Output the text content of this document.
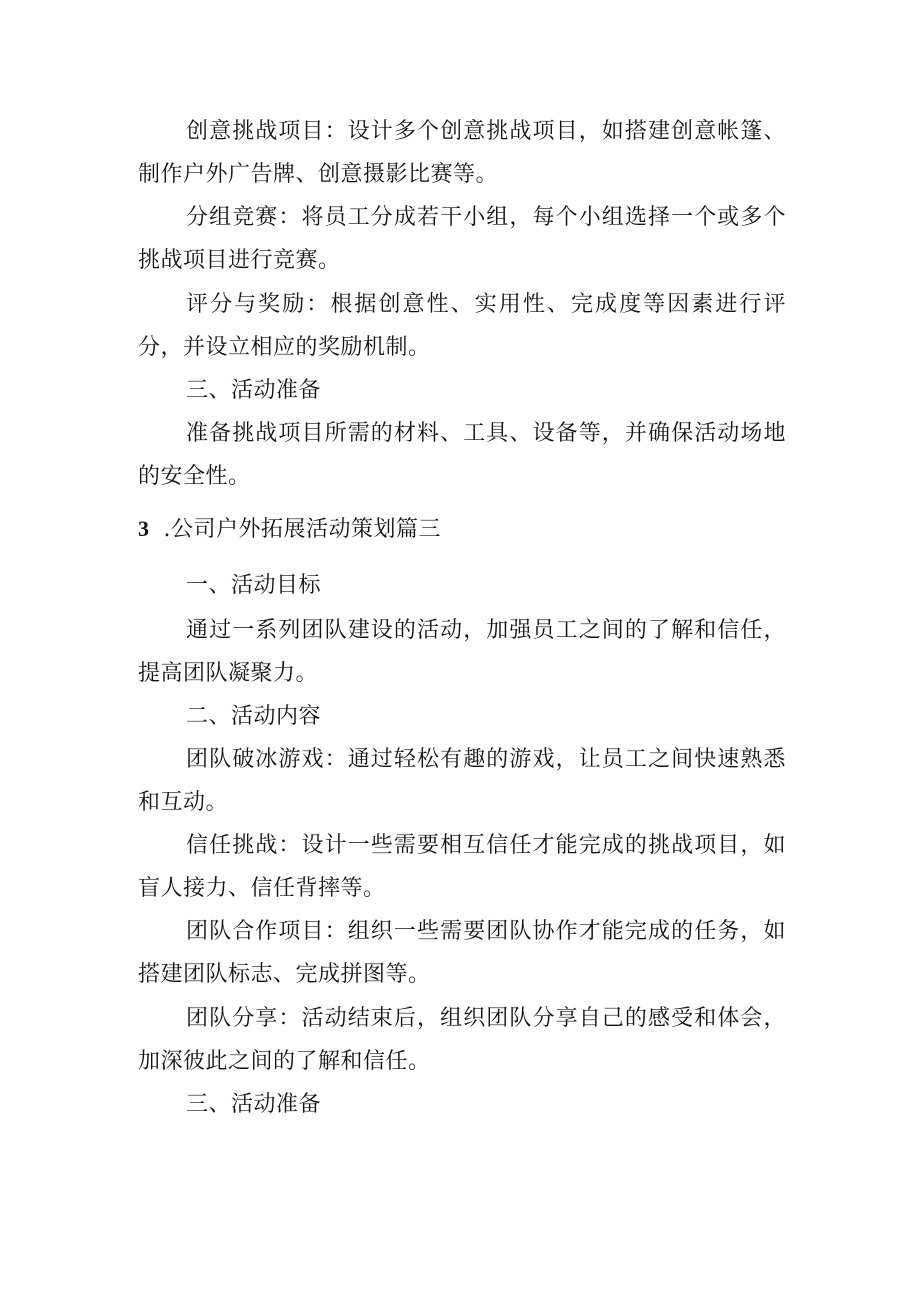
创意挑战项目：设计多个创意挑战项目，如搭建创意帐篷、制作户外广告牌、创意摄影比赛等。

分组竞赛：将员工分成若干小组，每个小组选择一个或多个挑战项目进行竞赛。

评分与奖励：根据创意性、实用性、完成度等因素进行评分，并设立相应的奖励机制。

三、活动准备

准备挑战项目所需的材料、工具、设备等，并确保活动场地的安全性。

3 .公司户外拓展活动策划篇三

一、活动目标

通过一系列团队建设的活动，加强员工之间的了解和信任，提高团队凝聚力。

二、活动内容

团队破冰游戏：通过轻松有趣的游戏，让员工之间快速熟悉和互动。

信任挑战：设计一些需要相互信任才能完成的挑战项目，如盲人接力、信任背摔等。

团队合作项目：组织一些需要团队协作才能完成的任务，如搭建团队标志、完成拼图等。

团队分享：活动结束后，组织团队分享自己的感受和体会，加深彼此之间的了解和信任。

三、活动准备
